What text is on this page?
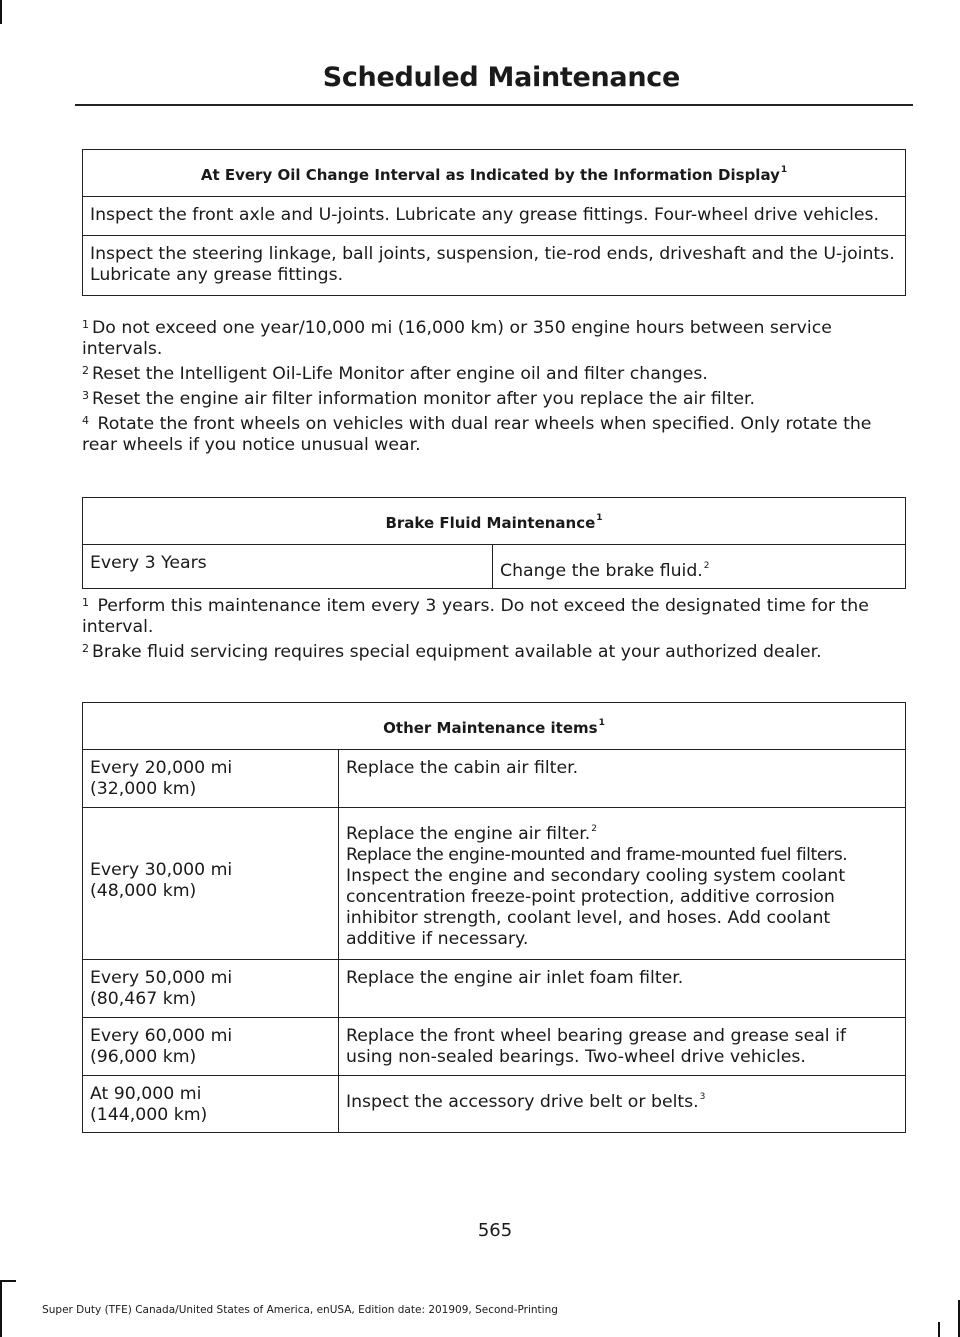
Scheduled Maintenance
At Every Oil Change Interval as Indicated by the Information Display$^1$
Inspect the front axle and U-joints. Lubricate any grease fittings. Four-wheel drive vehicles.
Inspect the steering linkage, ball joints, suspension, tie-rod ends, driveshaft and the U-joints. Lubricate any grease fittings.

$^1$ Do not exceed one year/10,000 mi (16,000 km) or 350 engine hours between service intervals.

$^2$ Reset the Intelligent Oil-Life Monitor after engine oil and filter changes.

$^3$ Reset the engine air filter information monitor after you replace the air filter.

$^4$ Rotate the front wheels on vehicles with dual rear wheels when specified. Only rotate the rear wheels if you notice unusual wear.

Brake Fluid Maintenance$^1$
Every 3 Years	Change the brake fluid.$^2$

$^1$ Perform this maintenance item every 3 years. Do not exceed the designated time for the interval.

$^2$ Brake fluid servicing requires special equipment available at your authorized dealer.

Other Maintenance items$^1$
Every 20,000 mi
(32,000 km)
Replace the cabin air filter.
Every 30,000 mi
(48,000 km)
Replace the engine air filter.$^2$
Replace the engine-mounted and frame-mounted fuel filters.
Inspect the engine and secondary cooling system coolant concentration freeze-point protection, additive corrosion inhibitor strength, coolant level, and hoses. Add coolant additive if necessary.
Every 50,000 mi
(80,467 km)
Replace the engine air inlet foam filter.
Every 60,000 mi
(96,000 km)
Replace the front wheel bearing grease and grease seal if using non-sealed bearings. Two-wheel drive vehicles.
At 90,000 mi
(144,000 km)
Inspect the accessory drive belt or belts.$^3$
565
Super Duty (TFE) Canada/United States of America, enUSA, Edition date: 201909, Second-Printing
